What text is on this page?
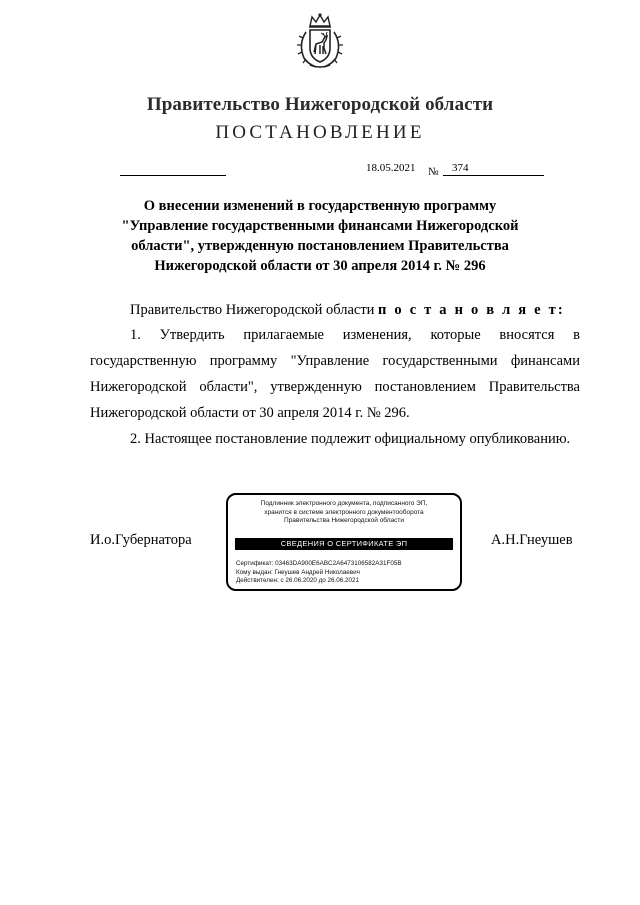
Правительство Нижегородской области
ПОСТАНОВЛЕНИЕ
18.05.2021 № 374
О внесении изменений в государственную программу
"Управление государственными финансами Нижегородской
области", утвержденную постановлением Правительства
Нижегородской области от 30 апреля 2014 г. № 296
Правительство Нижегородской области п о с т а н о в л я е т:
1. Утвердить прилагаемые изменения, которые вносятся в государственную программу "Управление государственными финансами Нижегородской области", утвержденную постановлением Правительства Нижегородской области от 30 апреля 2014 г. № 296.
2. Настоящее постановление подлежит официальному опубликованию.
И.о.Губернатора	А.Н.Гнеушев
Подлинник электронного документа, подписанного ЭП,
хранится в системе электронного документооборота
Правительства Нижегородской области
СВЕДЕНИЯ О СЕРТИФИКАТЕ ЭП
Сертификат: 03463DA900E6ABC2A6473106582A31F05B
Кому выдан: Гнеушев Андрей Николаевич
Действителен: с 26.06.2020 до 26.06.2021
